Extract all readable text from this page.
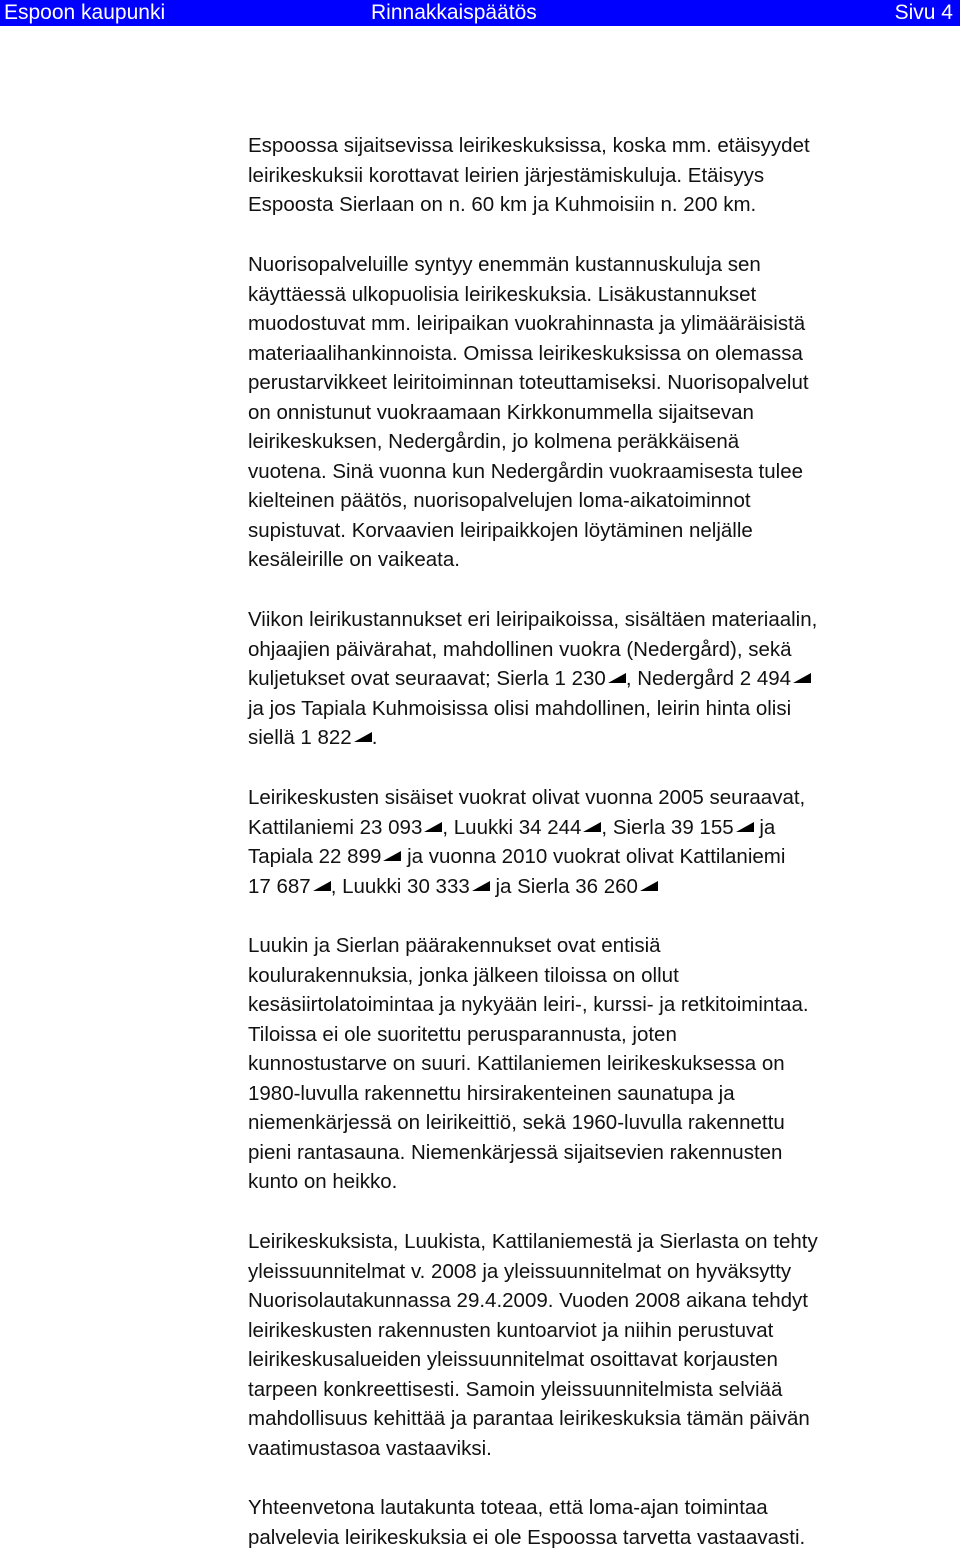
Espoon kaupunki	Rinnakkaispäätös	Sivu 4
Espoossa sijaitsevissa leirikeskuksissa, koska mm. etäisyydet
leirikeskuksii korottavat leirien järjestämiskuluja. Etäisyys
Espoosta Sierlaan on n. 60 km ja Kuhmoisiin n. 200 km.
Nuorisopalveluille syntyy enemmän kustannuskuluja sen
käyttäessä ulkopuolisia leirikeskuksia. Lisäkustannukset
muodostuvat mm. leiripaikan vuokrahinnasta ja ylimääräisistä
materiaalihankinnoista. Omissa leirikeskuksissa on olemassa
perustarvikkeet leiritoiminnan toteuttamiseksi. Nuorisopalvelut
on onnistunut vuokraamaan Kirkkonummella sijaitsevan
leirikeskuksen, Nedergårdin, jo kolmena peräkkäisenä
vuotena. Sinä vuonna kun Nedergårdin vuokraamisesta tulee
kielteinen päätös, nuorisopalvelujen loma-aikatoiminnot
supistuvat. Korvaavien leiripaikkojen löytäminen neljälle
kesäleirille on vaikeata.
Viikon leirikustannukset eri leiripaikoissa, sisältäen materiaalin,
ohjaajien päivärahat, mahdollinen vuokra (Nedergård), sekä
kuljetukset ovat seuraavat; Sierla 1 230 , Nedergård 2 494
ja jos Tapiala Kuhmoisissa olisi mahdollinen, leirin hinta olisi
siellä 1 822 .
Leirikeskusten sisäiset vuokrat olivat vuonna 2005 seuraavat,
Kattilaniemi 23 093 , Luukki 34 244 , Sierla 39 155 ja
Tapiala 22 899 ja vuonna 2010 vuokrat olivat Kattilaniemi
17 687 , Luukki 30 333 ja Sierla 36 260
Luukin ja Sierlan päärakennukset ovat entisiä
koulurakennuksia, jonka jälkeen tiloissa on ollut
kesäsiirtolatoimintaa ja nykyään leiri-, kurssi- ja retkitoimintaa.
Tiloissa ei ole suoritettu perusparannusta, joten
kunnostustarve on suuri. Kattilaniemen leirikeskuksessa on
1980-luvulla rakennettu hirsirakenteinen saunatupa ja
niemenkärjessä on leirikeittiö, sekä 1960-luvulla rakennettu
pieni rantasauna. Niemenkärjessä sijaitsevien rakennusten
kunto on heikko.
Leirikeskuksista, Luukista, Kattilaniemestä ja Sierlasta on tehty
yleissuunnitelmat v. 2008 ja yleissuunnitelmat on hyväksytty
Nuorisolautakunnassa 29.4.2009. Vuoden 2008 aikana tehdyt
leirikeskusten rakennusten kuntoarviot ja niihin perustuvat
leirikeskusalueiden yleissuunnitelmat osoittavat korjausten
tarpeen konkreettisesti. Samoin yleissuunnitelmista selviää
mahdollisuus kehittää ja parantaa leirikeskuksia tämän päivän
vaatimustasoa vastaaviksi.
Yhteenvetona lautakunta toteaa, että loma-ajan toimintaa
palvelevia leirikeskuksia ei ole Espoossa tarvetta vastaavasti.
